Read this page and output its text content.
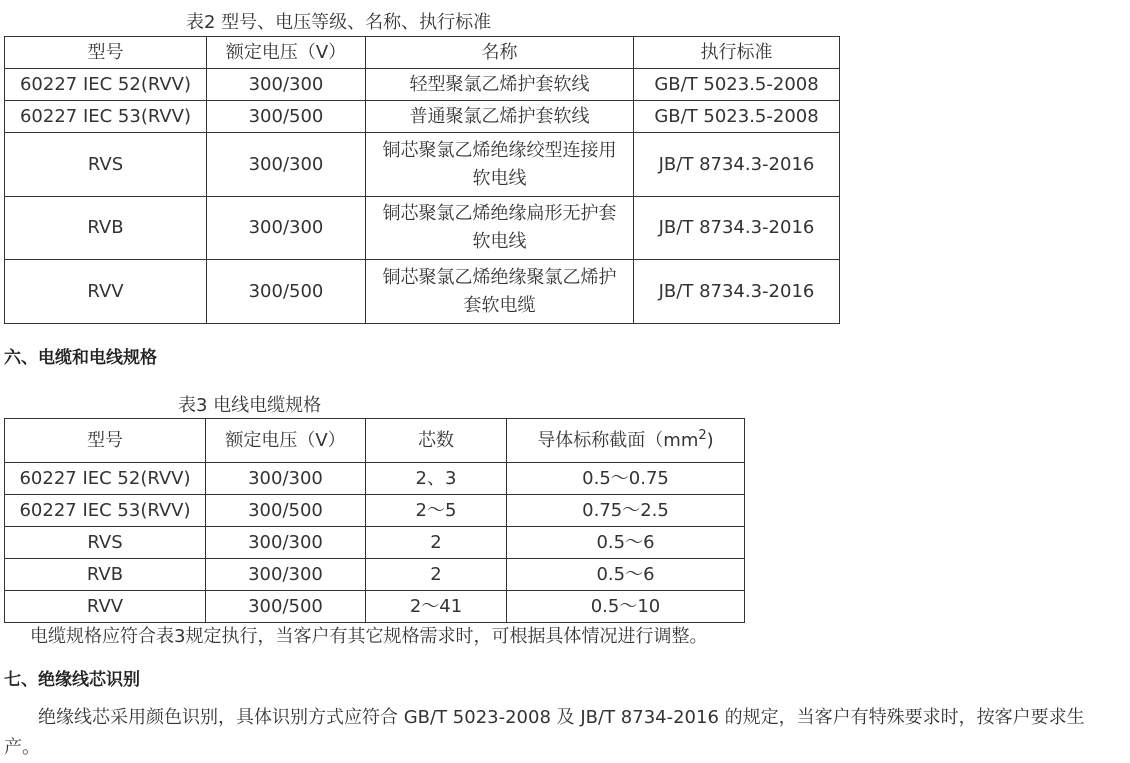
表2 型号、电压等级、名称、执行标准
型号	额定电压（V）	名称	执行标准
60227 IEC 52(RVV)	300/300	轻型聚氯乙烯护套软线	GB/T 5023.5-2008
60227 IEC 53(RVV)	300/500	普通聚氯乙烯护套软线	GB/T 5023.5-2008
RVS	300/300	铜芯聚氯乙烯绝缘绞型连接用软电线	JB/T 8734.3-2016
RVB	300/300	铜芯聚氯乙烯绝缘扁形无护套软电线	JB/T 8734.3-2016
RVV	300/500	铜芯聚氯乙烯绝缘聚氯乙烯护套软电缆	JB/T 8734.3-2016
六、电缆和电线规格
表3 电线电缆规格
型号	额定电压（V）	芯数	导体标称截面$(mm^2)$
60227 IEC 52(RVV)	300/300	2、3	0.5～0.75
60227 IEC 53(RVV)	300/500	2～5	0.75～2.5
RVS	300/300	2	0.5～6
RVB	300/300	2	0.5～6
RVV	300/500	2～41	0.5～10
电缆规格应符合表3规定执行，当客户有其它规格需求时，可根据具体情况进行调整。
七、绝缘线芯识别
绝缘线芯采用颜色识别，具体识别方式应符合 GB/T 5023-2008 及 JB/T 8734-2016 的规定，当客户有特殊要求时，按客户要求生产。
